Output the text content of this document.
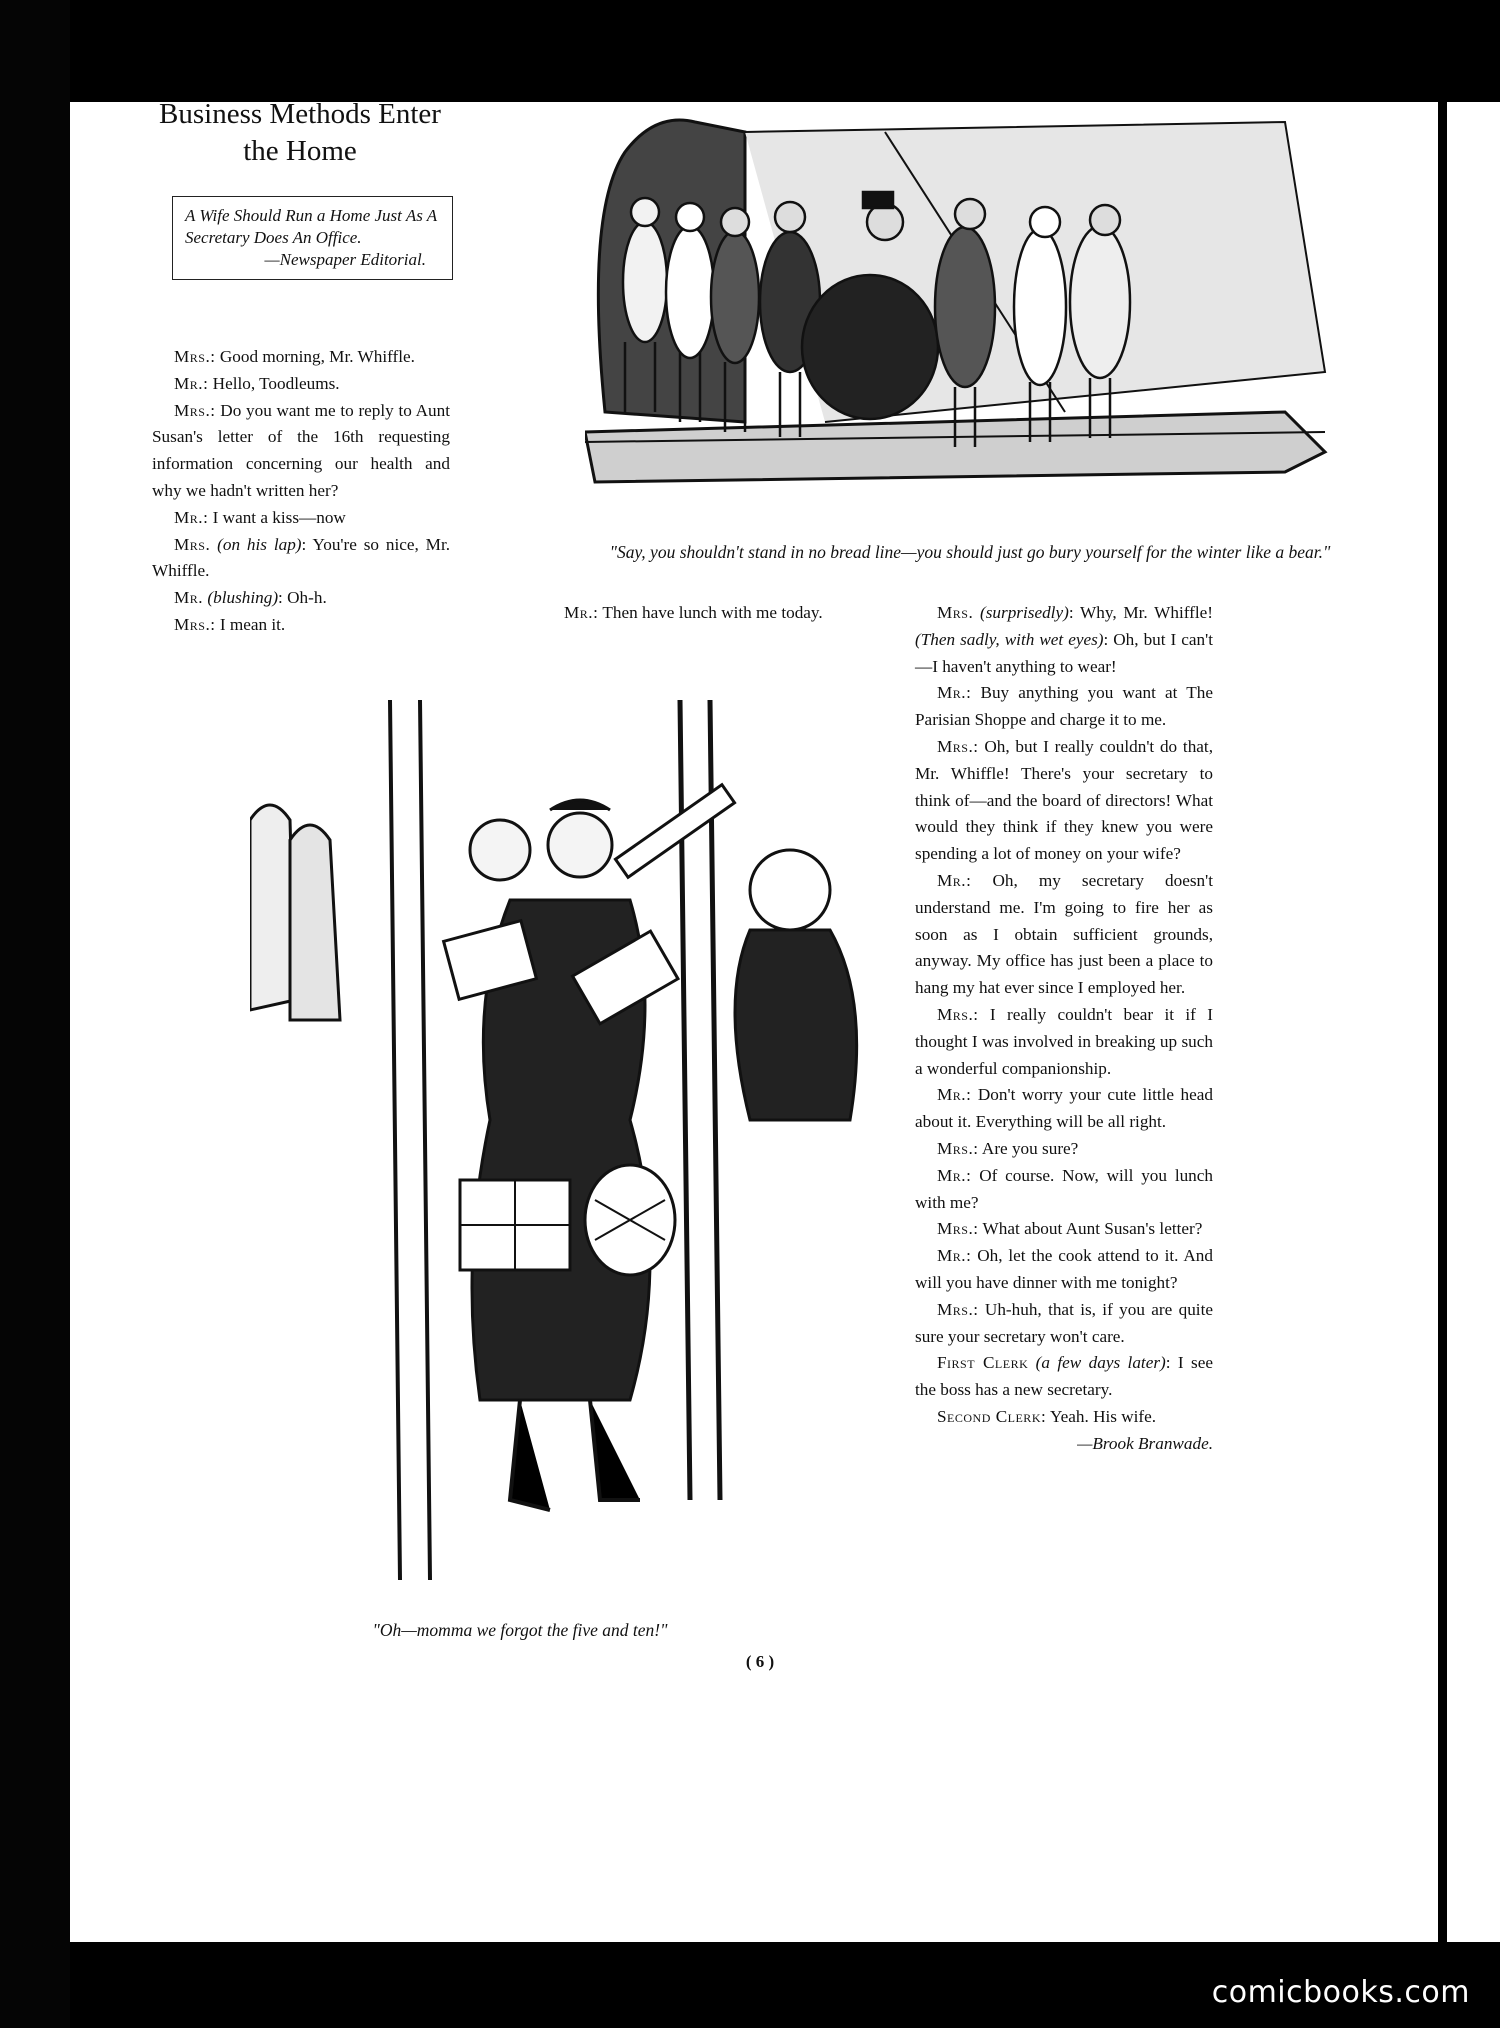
Business Methods Enter the Home
A Wife Should Run a Home Just As A Secretary Does An Office.
—Newspaper Editorial.
"Say, you shouldn't stand in no bread line—you should just go bury yourself for the winter like a bear."

Mrs.: Good morning, Mr. Whiffle.

Mr.: Hello, Toodleums.

Mrs.: Do you want me to reply to Aunt Susan's letter of the 16th requesting information concerning our health and why we hadn't written her?

Mr.: I want a kiss—now

Mrs. (on his lap): You're so nice, Mr. Whiffle.

Mr. (blushing): Oh-h.

Mrs.: I mean it.

Mr.: Then have lunch with me today.	Mrs. (surprisedly): Why, Mr. Whiffle! (Then sadly, with wet eyes): Oh, but I can't—I haven't anything to wear!

Mr.: Buy anything you want at The Parisian Shoppe and charge it to me.

Mrs.: Oh, but I really couldn't do that, Mr. Whiffle! There's your secretary to think of—and the board of directors! What would they think if they knew you were spending a lot of money on your wife?

Mr.: Oh, my secretary doesn't understand me. I'm going to fire her as soon as I obtain sufficient grounds, anyway. My office has just been a place to hang my hat ever since I employed her.

Mrs.: I really couldn't bear it if I thought I was involved in breaking up such a wonderful companionship.

Mr.: Don't worry your cute little head about it. Everything will be all right.

Mrs.: Are you sure?

Mr.: Of course. Now, will you lunch with me?

Mrs.: What about Aunt Susan's letter?

Mr.: Oh, let the cook attend to it. And will you have dinner with me tonight?

Mrs.: Uh-huh, that is, if you are quite sure your secretary won't care.

First Clerk (a few days later): I see the boss has a new secretary.

Second Clerk: Yeah. His wife.

—Brook Branwade.

"Oh—momma we forgot the five and ten!"
( 6 )
comicbooks.com
